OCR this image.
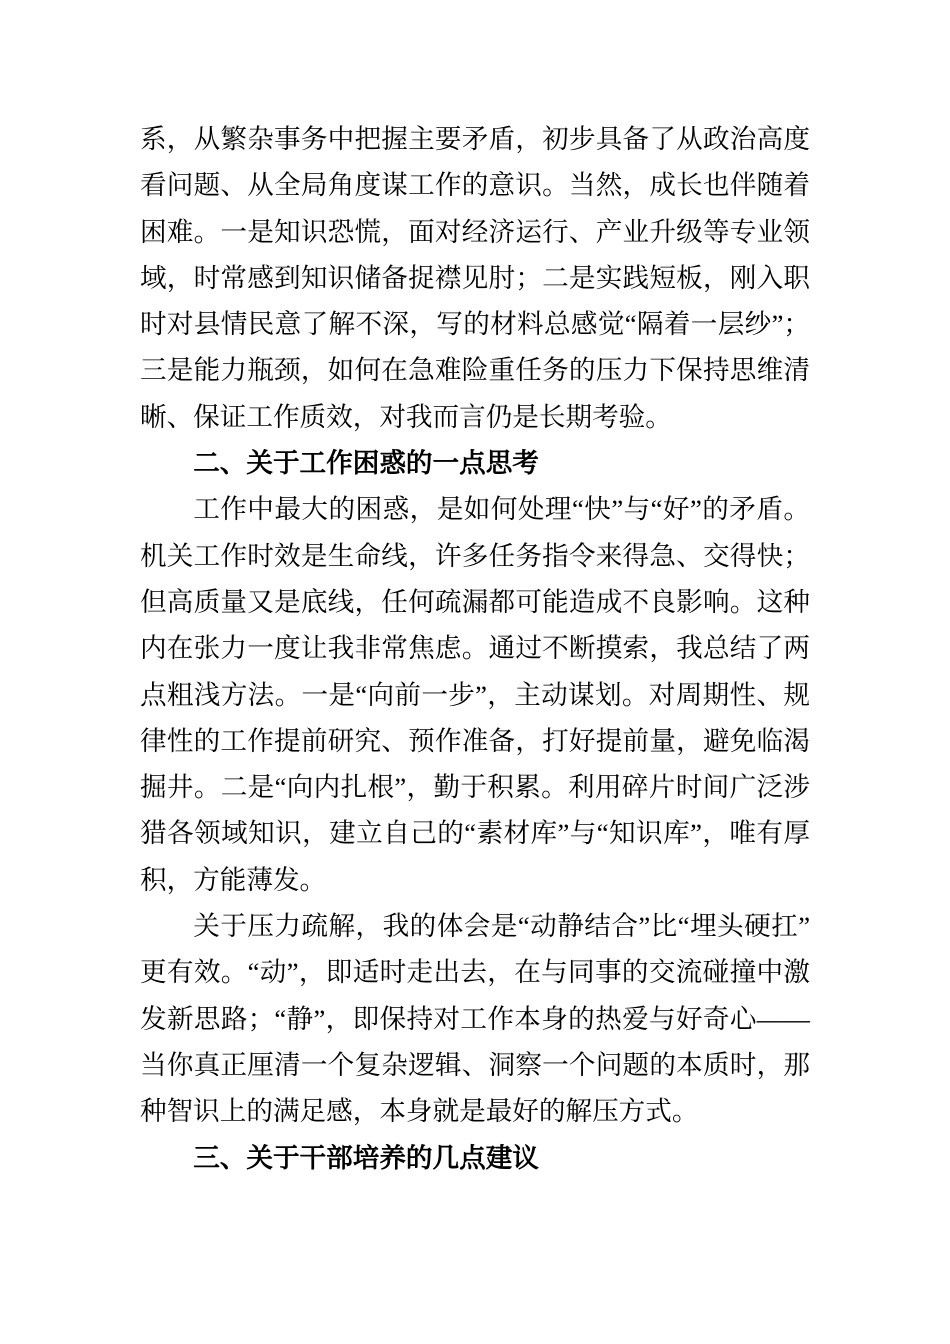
系，从繁杂事务中把握主要矛盾，初步具备了从政治高度看问题、从全局角度谋工作的意识。当然，成长也伴随着困难。一是知识恐慌，面对经济运行、产业升级等专业领域，时常感到知识储备捉襟见肘；二是实践短板，刚入职时对县情民意了解不深，写的材料总感觉“隔着一层纱”；三是能力瓶颈，如何在急难险重任务的压力下保持思维清晰、保证工作质效，对我而言仍是长期考验。

二、关于工作困惑的一点思考

工作中最大的困惑，是如何处理“快”与“好”的矛盾。机关工作时效是生命线，许多任务指令来得急、交得快；但高质量又是底线，任何疏漏都可能造成不良影响。这种内在张力一度让我非常焦虑。通过不断摸索，我总结了两点粗浅方法。一是“向前一步”，主动谋划。对周期性、规律性的工作提前研究、预作准备，打好提前量，避免临渴掘井。二是“向内扎根”，勤于积累。利用碎片时间广泛涉猎各领域知识，建立自己的“素材库”与“知识库”，唯有厚积，方能薄发。

关于压力疏解，我的体会是“动静结合”比“埋头硬扛”更有效。“动”，即适时走出去，在与同事的交流碰撞中激发新思路；“静”，即保持对工作本身的热爱与好奇心——当你真正厘清一个复杂逻辑、洞察一个问题的本质时，那种智识上的满足感，本身就是最好的解压方式。

三、关于干部培养的几点建议
